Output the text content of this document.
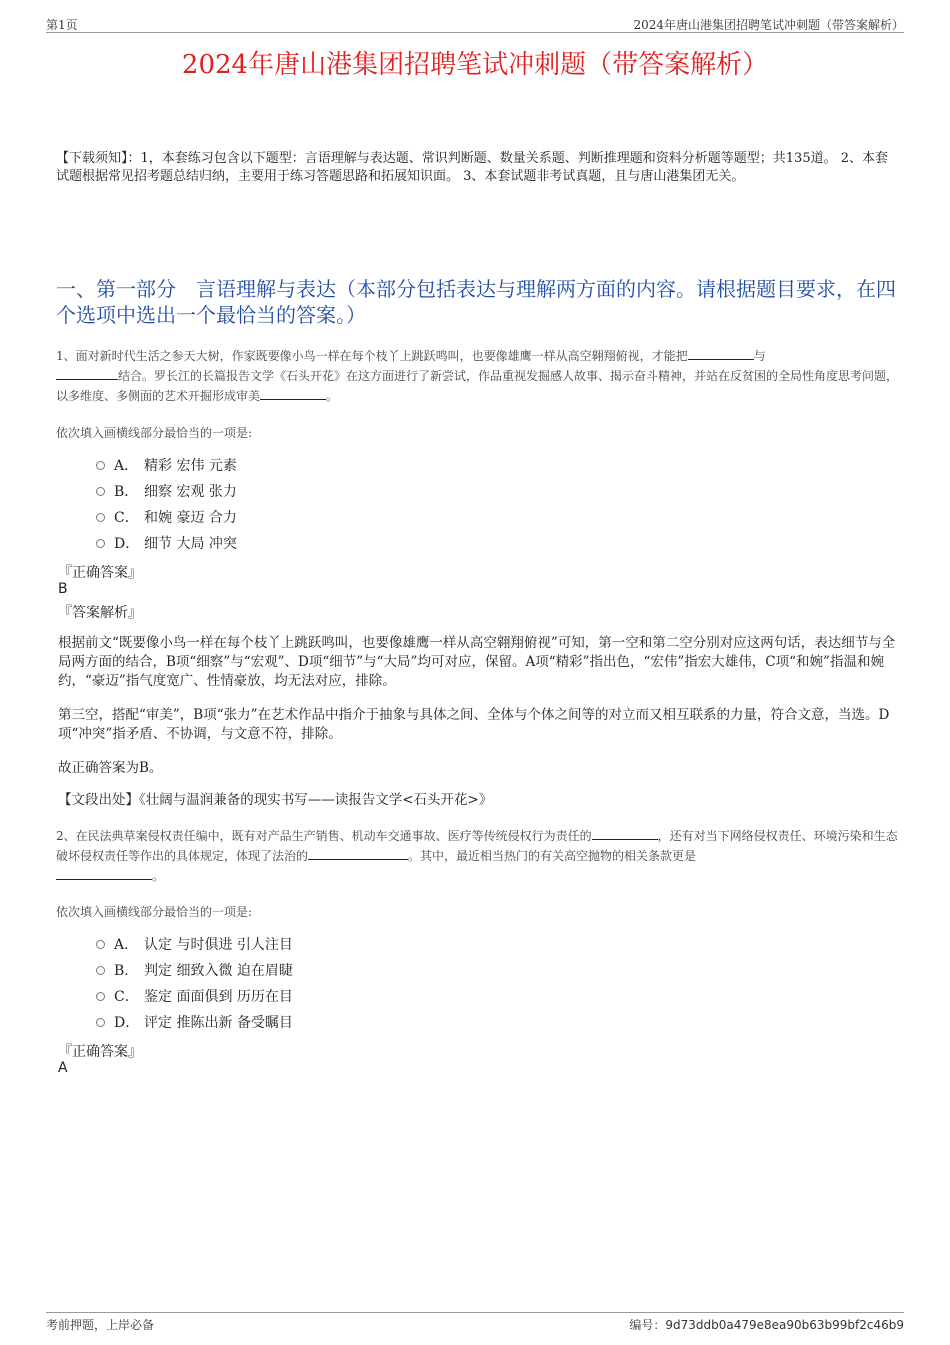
第1页	2024年唐山港集团招聘笔试冲刺题（带答案解析）
2024年唐山港集团招聘笔试冲刺题（带答案解析）
【下载须知】：1，本套练习包含以下题型：言语理解与表达题、常识判断题、数量关系题、判断推理题和资料分析题等题型；共135道。 2、本套试题根据常见招考题总结归纳，主要用于练习答题思路和拓展知识面。 3、本套试题非考试真题，且与唐山港集团无关。
一、第一部分　言语理解与表达（本部分包括表达与理解两方面的内容。请根据题目要求，在四个选项中选出一个最恰当的答案。）
1、面对新时代生活之参天大树，作家既要像小鸟一样在每个枝丫上跳跃鸣叫，也要像雄鹰一样从高空翱翔俯视，才能把	与
结合。罗长江的长篇报告文学《石头开花》在这方面进行了新尝试，作品重视发掘感人故事、揭示奋斗精神，并站在反贫困的全局性角度思考问题，以多维度、多侧面的艺术开掘形成审美	。
依次填入画横线部分最恰当的一项是:
A． 精彩 宏伟 元素
B． 细察 宏观 张力
C． 和婉 豪迈 合力
D． 细节 大局 冲突
『正确答案』
B
『答案解析』
根据前文“既要像小鸟一样在每个枝丫上跳跃鸣叫，也要像雄鹰一样从高空翱翔俯视”可知，第一空和第二空分别对应这两句话，表达细节与全局两方面的结合，B项“细察”与“宏观”、D项“细节”与“大局”均可对应，保留。A项“精彩”指出色，“宏伟”指宏大雄伟，C项“和婉”指温和婉约，“豪迈”指气度宽广、性情豪放，均无法对应，排除。
第三空，搭配“审美”，B项“张力”在艺术作品中指介于抽象与具体之间、全体与个体之间等的对立而又相互联系的力量，符合文意，当选。D项“冲突”指矛盾、不协调，与文意不符，排除。
故正确答案为B。
【文段出处】《壮阔与温润兼备的现实书写——读报告文学<石头开花>》
2、在民法典草案侵权责任编中，既有对产品生产销售、机动车交通事故、医疗等传统侵权行为责任的	，还有对当下网络侵权责任、环境污染和生态破坏侵权责任等作出的具体规定，体现了法治的	。其中，最近相当热门的有关高空抛物的相关条款更是
。
依次填入画横线部分最恰当的一项是:
A． 认定 与时俱进 引人注目
B． 判定 细致入微 迫在眉睫
C． 鉴定 面面俱到 历历在目
D． 评定 推陈出新 备受瞩目
『正确答案』
A
考前押题，上岸必备	编号：9d73ddb0a479e8ea90b63b99bf2c46b9
